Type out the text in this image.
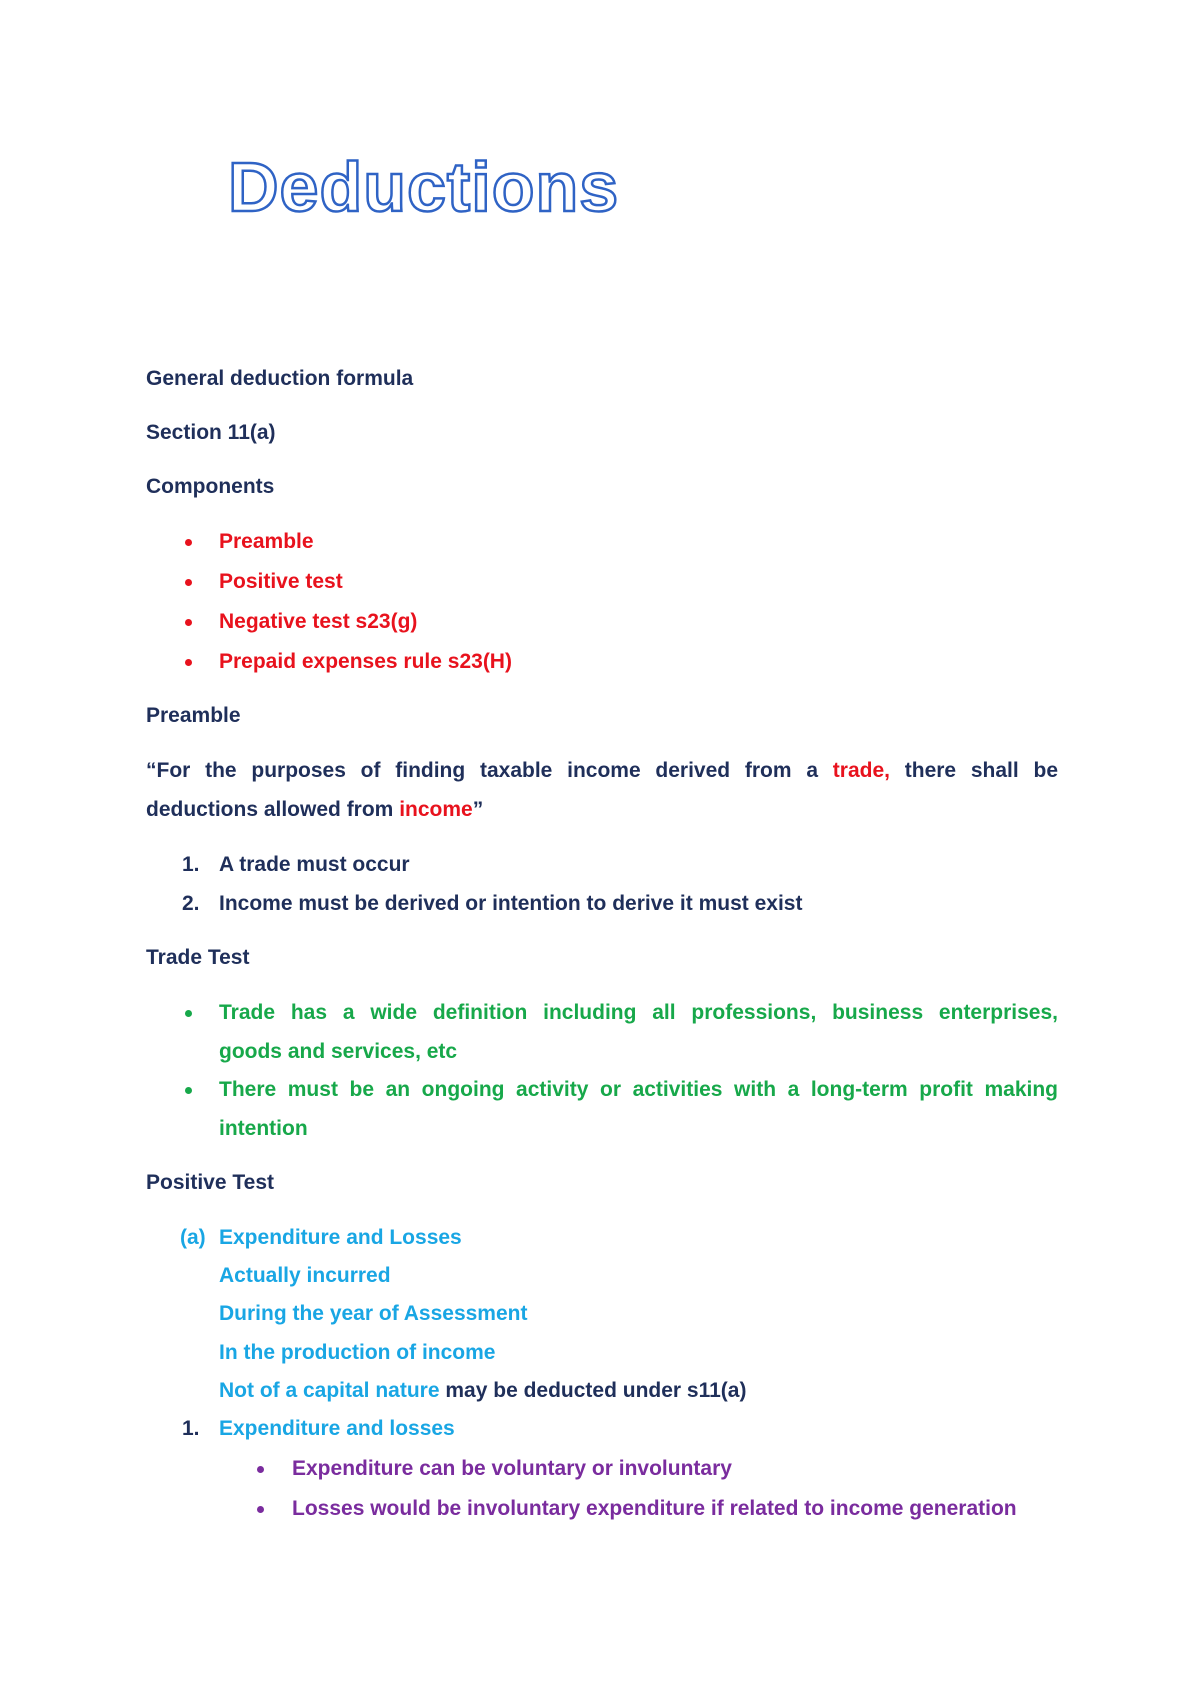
Deductions
General deduction formula
Section 11(a)
Components
Preamble
Positive test
Negative test s23(g)
Prepaid expenses rule s23(H)
Preamble
“For the purposes of finding taxable income derived from a trade, there shall be
deductions allowed from income”
1. A trade must occur
2. Income must be derived or intention to derive it must exist
Trade Test
Trade has a wide definition including all professions, business enterprises,
goods and services, etc
There must be an ongoing activity or activities with a long-term profit making
intention
Positive Test
(a) Expenditure and Losses
Actually incurred
During the year of Assessment
In the production of income
Not of a capital nature may be deducted under s11(a)
1. Expenditure and losses
Expenditure can be voluntary or involuntary
Losses would be involuntary expenditure if related to income generation
